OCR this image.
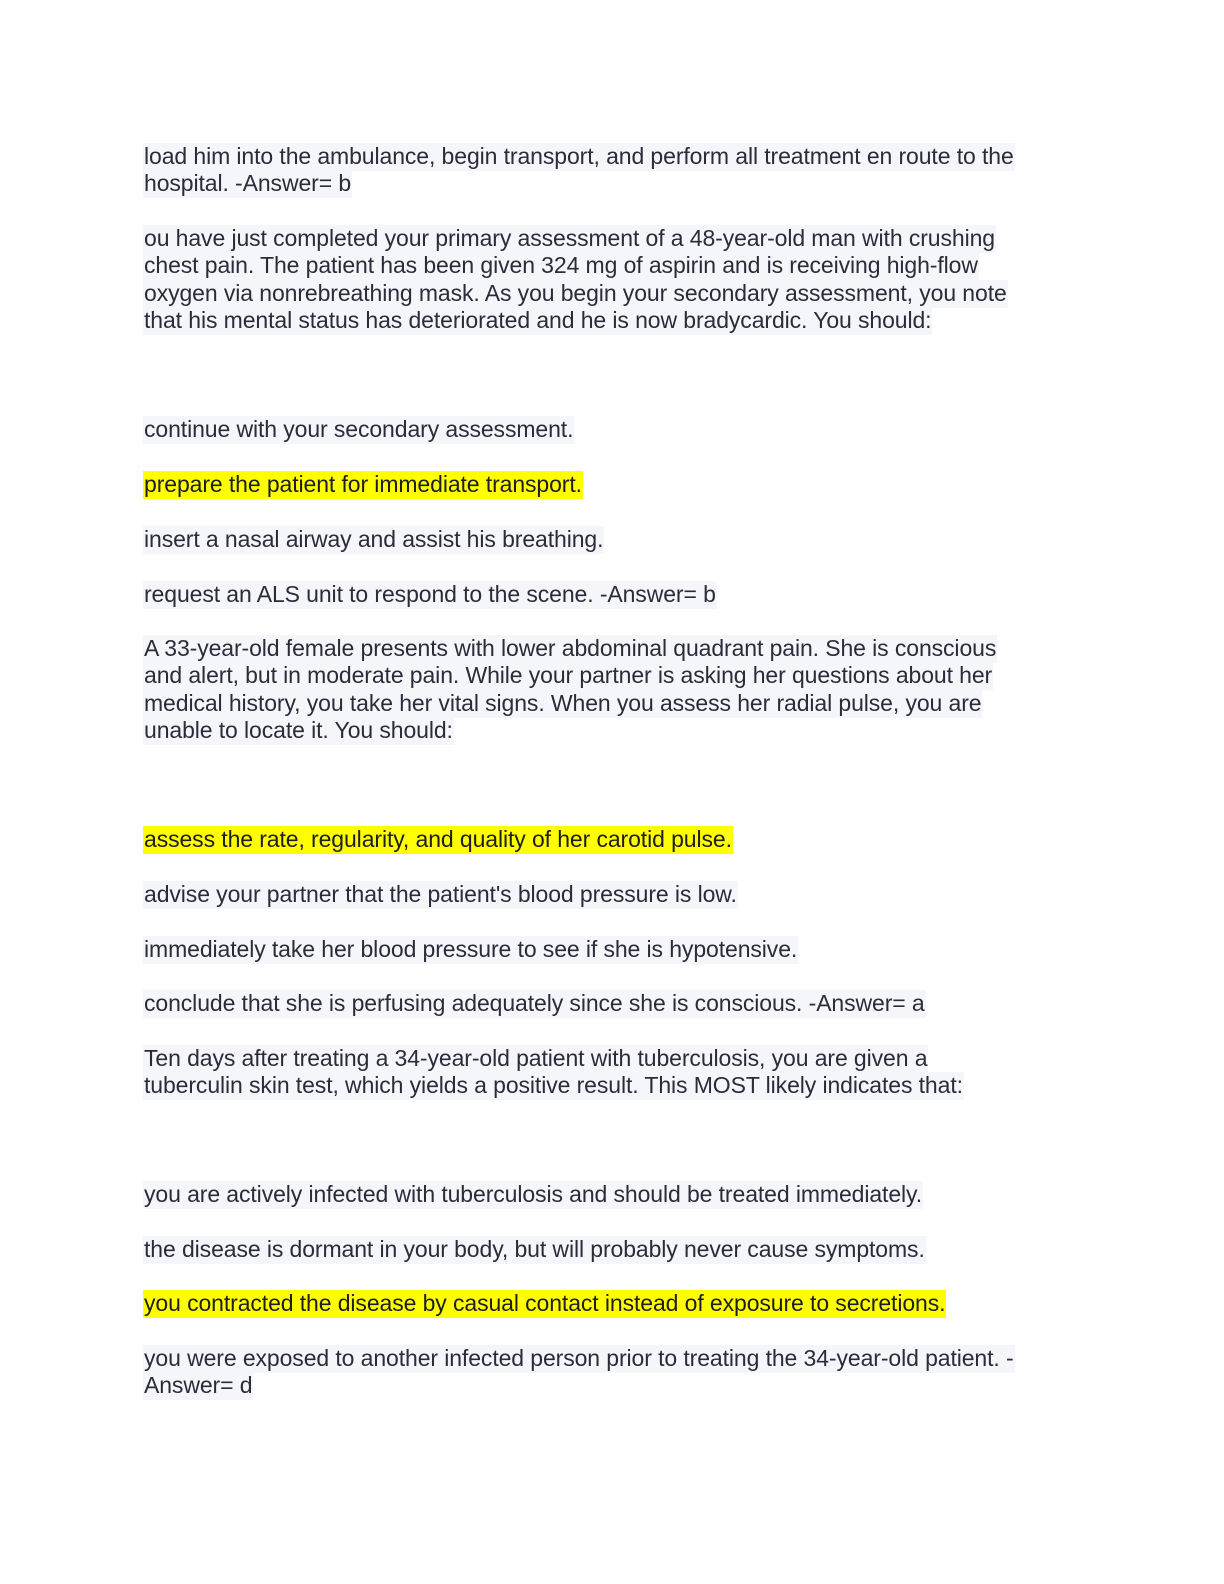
load him into the ambulance, begin transport, and perform all treatment en route to the

hospital. -Answer= b

ou have just completed your primary assessment of a 48-year-old man with crushing

chest pain. The patient has been given 324 mg of aspirin and is receiving high-flow

oxygen via nonrebreathing mask. As you begin your secondary assessment, you note

that his mental status has deteriorated and he is now bradycardic. You should:

continue with your secondary assessment.

prepare the patient for immediate transport.

insert a nasal airway and assist his breathing.

request an ALS unit to respond to the scene. -Answer= b

A 33-year-old female presents with lower abdominal quadrant pain. She is conscious

and alert, but in moderate pain. While your partner is asking her questions about her

medical history, you take her vital signs. When you assess her radial pulse, you are

unable to locate it. You should:

assess the rate, regularity, and quality of her carotid pulse.

advise your partner that the patient's blood pressure is low.

immediately take her blood pressure to see if she is hypotensive.

conclude that she is perfusing adequately since she is conscious. -Answer= a

Ten days after treating a 34-year-old patient with tuberculosis, you are given a

tuberculin skin test, which yields a positive result. This MOST likely indicates that:

you are actively infected with tuberculosis and should be treated immediately.

the disease is dormant in your body, but will probably never cause symptoms.

you contracted the disease by casual contact instead of exposure to secretions.

you were exposed to another infected person prior to treating the 34-year-old patient. -

Answer= d
